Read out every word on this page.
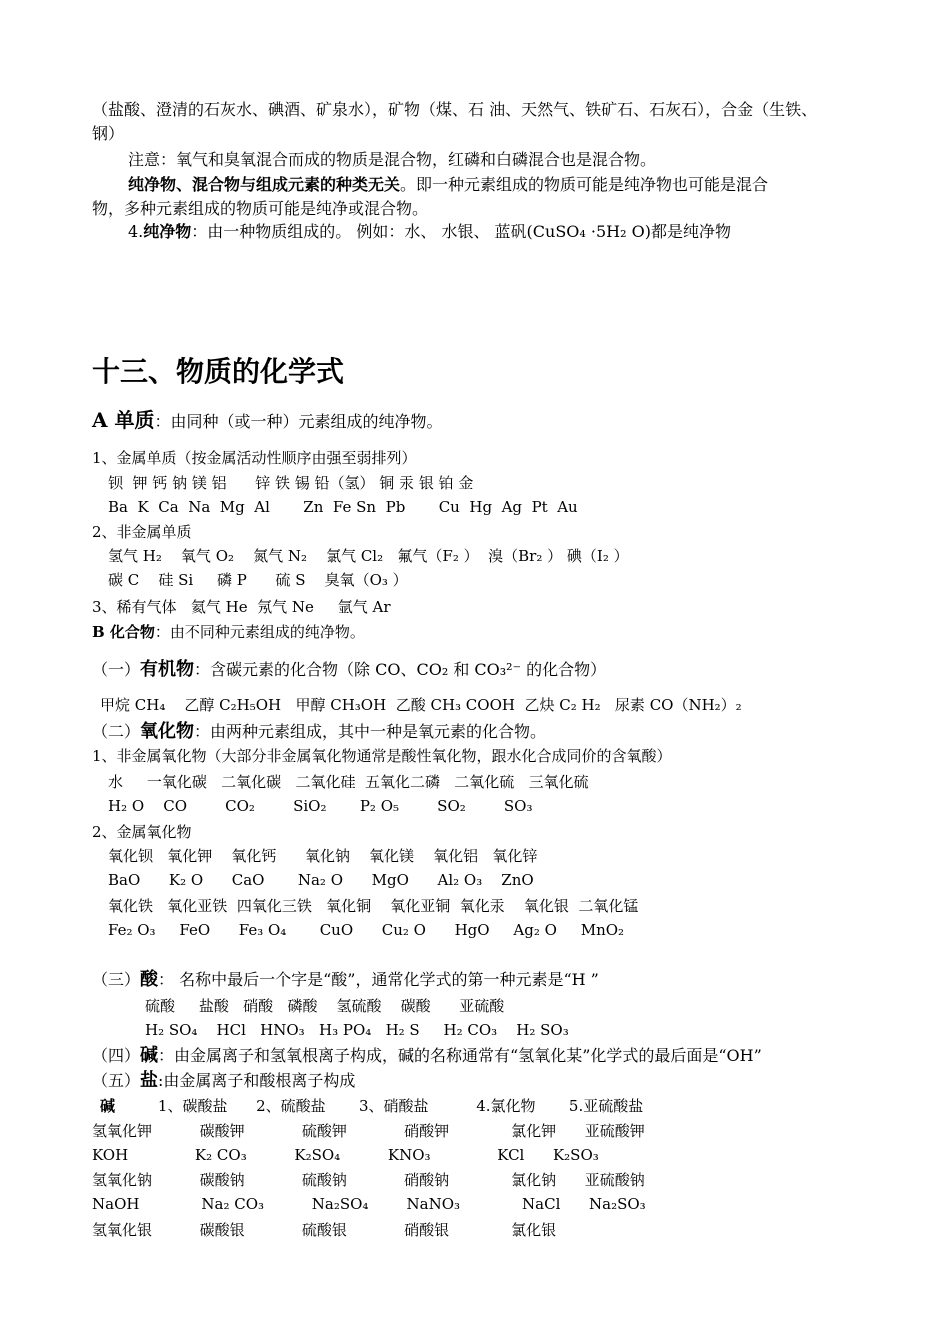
（盐酸、澄清的石灰水、碘酒、矿泉水），矿物（煤、石 油、天然气、铁矿石、石灰石），合金（生铁、
钢）
注意：氧气和臭氧混合而成的物质是混合物，红磷和白磷混合也是混合物。
纯净物、混合物与组成元素的种类无关。即一种元素组成的物质可能是纯净物也可能是混合
物，多种元素组成的物质可能是纯净或混合物。
4.纯净物：由一种物质组成的。 例如：水、 水银、 蓝矾(CuSO₄ ·5H₂ O)都是纯净物
十三、物质的化学式
A 单质：由同种（或一种）元素组成的纯净物。
1、金属单质（按金属活动性顺序由强至弱排列）
钡  钾 钙 钠 镁 铝      锌 铁 锡 铅（氢） 铜 汞 银 铂 金
Ba  K  Ca  Na  Mg  Al       Zn  Fe Sn  Pb       Cu  Hg  Ag  Pt  Au
2、非金属单质
氢气 H₂    氧气 O₂    氮气 N₂    氯气 Cl₂   氟气（F₂ ）  溴（Br₂ ） 碘（I₂ ）
碳 C    硅 Si     磷 P      硫 S    臭氧（O₃ ）
3、稀有气体   氦气 He  氖气 Ne     氩气 Ar
B 化合物：由不同种元素组成的纯净物。
（一）有机物：含碳元素的化合物（除 CO、CO₂ 和 CO₃²⁻ 的化合物）
甲烷 CH₄    乙醇 C₂H₅OH   甲醇 CH₃OH  乙酸 CH₃ COOH  乙炔 C₂ H₂   尿素 CO（NH₂）₂
（二）氧化物：由两种元素组成，其中一种是氧元素的化合物。
1、非金属氧化物（大部分非金属氧化物通常是酸性氧化物，跟水化合成同价的含氧酸）
水     一氧化碳   二氧化碳   二氧化硅  五氧化二磷   二氧化硫   三氧化硫
H₂ O    CO        CO₂        SiO₂       P₂ O₅        SO₂        SO₃
2、金属氧化物
氧化钡   氧化钾    氧化钙      氧化钠    氧化镁    氧化铝   氧化锌
BaO      K₂ O      CaO       Na₂ O      MgO      Al₂ O₃    ZnO
氧化铁   氧化亚铁  四氧化三铁   氧化铜    氧化亚铜  氧化汞    氧化银  二氧化锰
Fe₂ O₃     FeO      Fe₃ O₄       CuO      Cu₂ O      HgO     Ag₂ O     MnO₂
（三）酸： 名称中最后一个字是“酸”，通常化学式的第一种元素是“H ”
硫酸     盐酸   硝酸   磷酸    氢硫酸    碳酸      亚硫酸
H₂ SO₄    HCl   HNO₃   H₃ PO₄   H₂ S     H₂ CO₃    H₂ SO₃
（四）碱：由金属离子和氢氧根离子构成，碱的名称通常有“氢氧化某”化学式的最后面是“OH”
（五）盐:由金属离子和酸根离子构成
碱         1、碳酸盐      2、硫酸盐       3、硝酸盐          4.氯化物       5.亚硫酸盐
氢氧化钾          碳酸钾            硫酸钾            硝酸钾             氯化钾      亚硫酸钾
KOH              K₂ CO₃          K₂SO₄          KNO₃              KCl      K₂SO₃
氢氧化钠          碳酸钠            硫酸钠            硝酸钠             氯化钠      亚硫酸钠
NaOH             Na₂ CO₃          Na₂SO₄        NaNO₃             NaCl      Na₂SO₃
氢氧化银          碳酸银            硫酸银            硝酸银             氯化银
